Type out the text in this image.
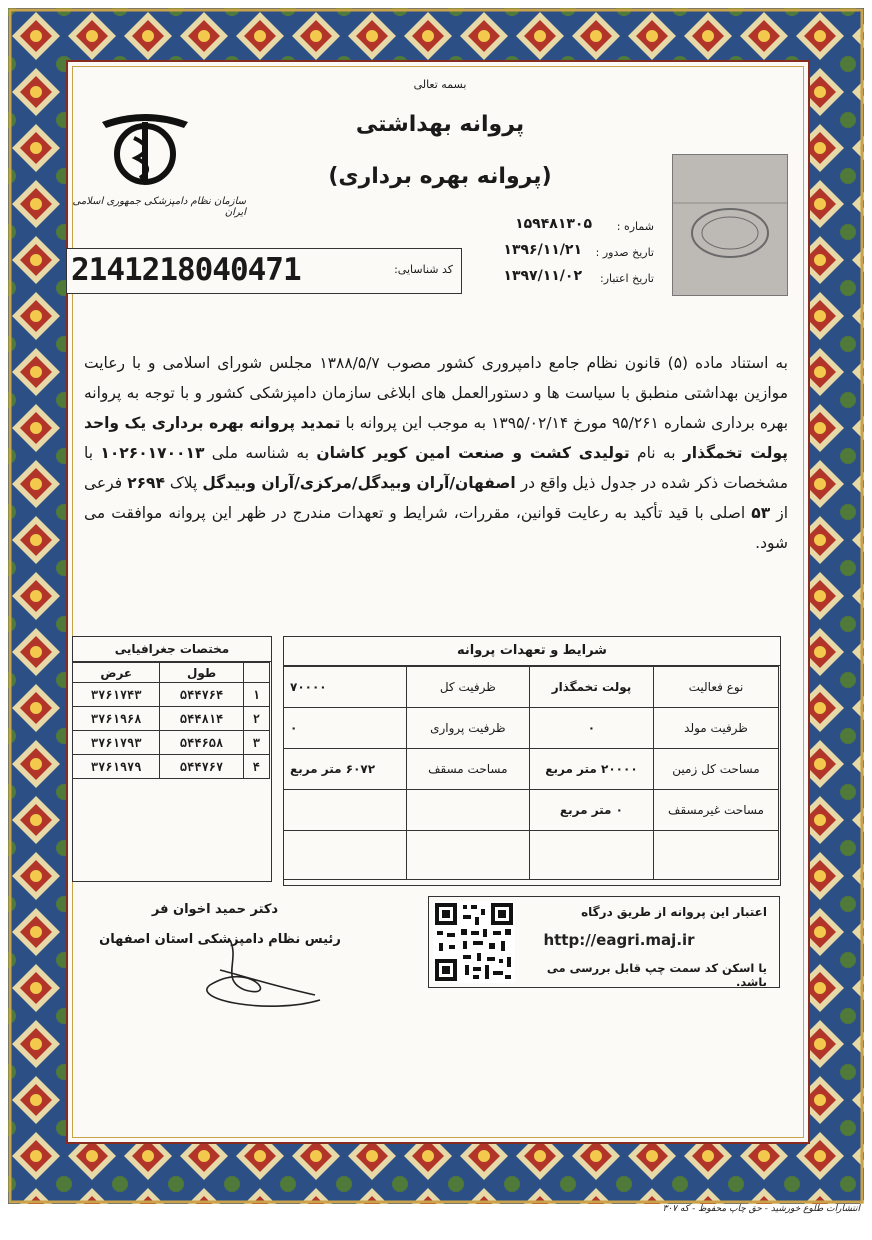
بسمه تعالی
پروانه بهداشتی
(پروانه بهره برداری)
سازمان نظام دامپزشکی جمهوری اسلامی ایران
شماره :
۱۵۹۴۸۱۳۰۵
تاریخ صدور :
۱۳۹۶/۱۱/۲۱
تاریخ اعتبار:
۱۳۹۷/۱۱/۰۲
کد شناسایی:
2141218040471
به استناد ماده (۵) قانون نظام جامع دامپروری کشور مصوب ۱۳۸۸/۵/۷ مجلس شورای اسلامی و با رعایت موازین بهداشتی منطبق با سیاست ها و دستورالعمل های ابلاغی سازمان دامپزشکی کشور و با توجه به پروانه بهره برداری شماره ۹۵/۲۶۱ مورخ ۱۳۹۵/۰۲/۱۴ به موجب این پروانه با تمدید پروانه بهره برداری یک واحد پولت تخمگذار به نام تولیدی کشت و صنعت امین کویر کاشان به شناسه ملی ۱۰۲۶۰۱۷۰۰۱۳ با مشخصات ذکر شده در جدول ذیل واقع در اصفهان/آران وبیدگل/مرکزی/آران وبیدگل پلاک ۲۶۹۴ فرعی از ۵۳ اصلی با قید تأکید به رعایت قوانین، مقررات، شرایط و تعهدات مندرج در ظهر این پروانه موافقت می شود.
شرایط و تعهدات پروانه
۷۰۰۰۰	ظرفیت کل	پولت تخمگذار	نوع فعالیت
۰	ظرفیت پرواری	۰	ظرفیت مولد
۶۰۷۲ متر مربع	مساحت مسقف	۲۰۰۰۰ متر مربع	مساحت کل زمین
		۰ متر مربع	مساحت غیرمسقف

مختصات جغرافیایی
عرض	طول	
۳۷۶۱۷۴۳	۵۴۴۷۶۴	۱
۳۷۶۱۹۶۸	۵۴۴۸۱۴	۲
۳۷۶۱۷۹۳	۵۴۴۶۵۸	۳
۳۷۶۱۹۷۹	۵۴۴۷۶۷	۴
اعتبار این پروانه از طریق درگاه
http://eagri.maj.ir
یا اسکن کد سمت چپ قابل بررسی می باشد.
دکتر حمید اخوان فر
رئیس نظام دامپزشکی استان اصفهان
انتشارات طلوع خورشید - حق چاپ محفوظ - که ۳۰۷
